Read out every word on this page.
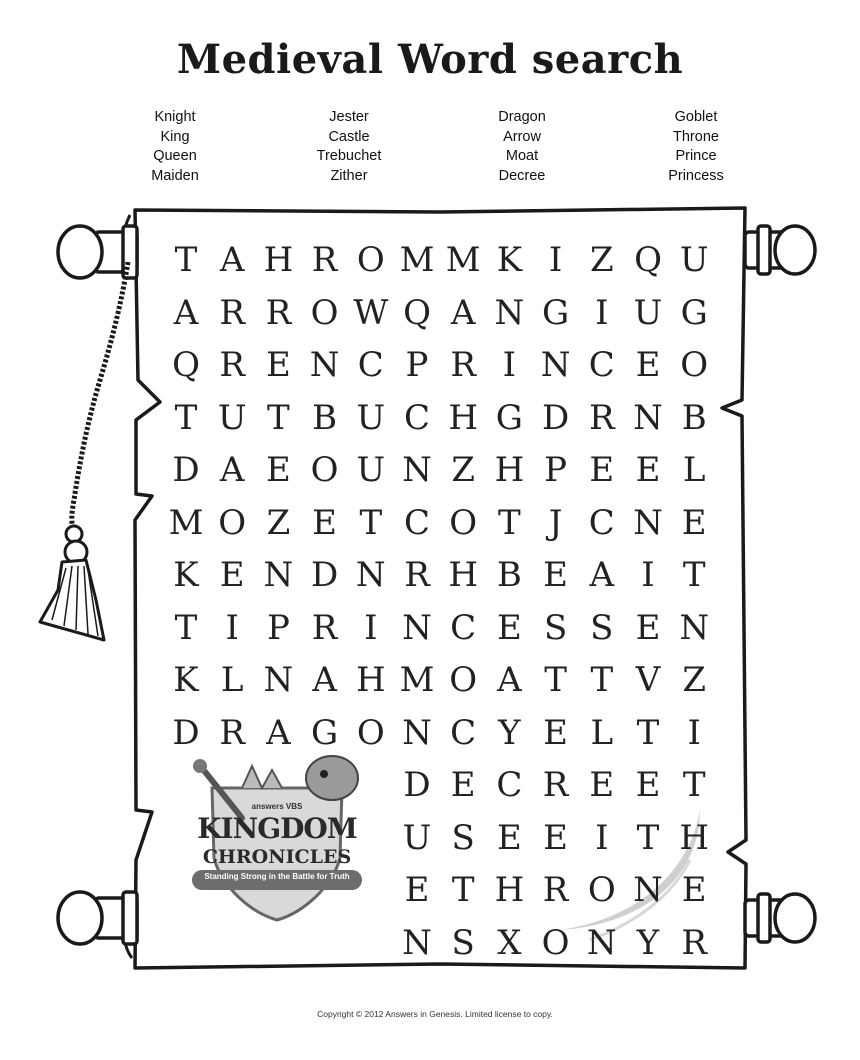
Medieval Word search
Knight
King
Queen
Maiden
Jester
Castle
Trebuchet
Zither
Dragon
Arrow
Moat
Decree
Goblet
Throne
Prince
Princess
T A H R O M M K I Z Q U
A R R O W Q A N G I U G
Q R E N C P R I N C E O
T U T B U C H G D R N B
D A E O U N Z H P E E L
M O Z E T C O T J C N E
K E N D N R H B E A I T
T I P R I N C E S S E N
K L N A H M O A T T V Z
D R A G O N C Y E L T I
D E C R E E T
U S E E I T H
E T H R O N E
N S X O N Y R
answers VBS
KINGDOM
CHRONICLES
Standing Strong in the Battle for Truth
Copyright © 2012 Answers in Genesis. Limited license to copy.
